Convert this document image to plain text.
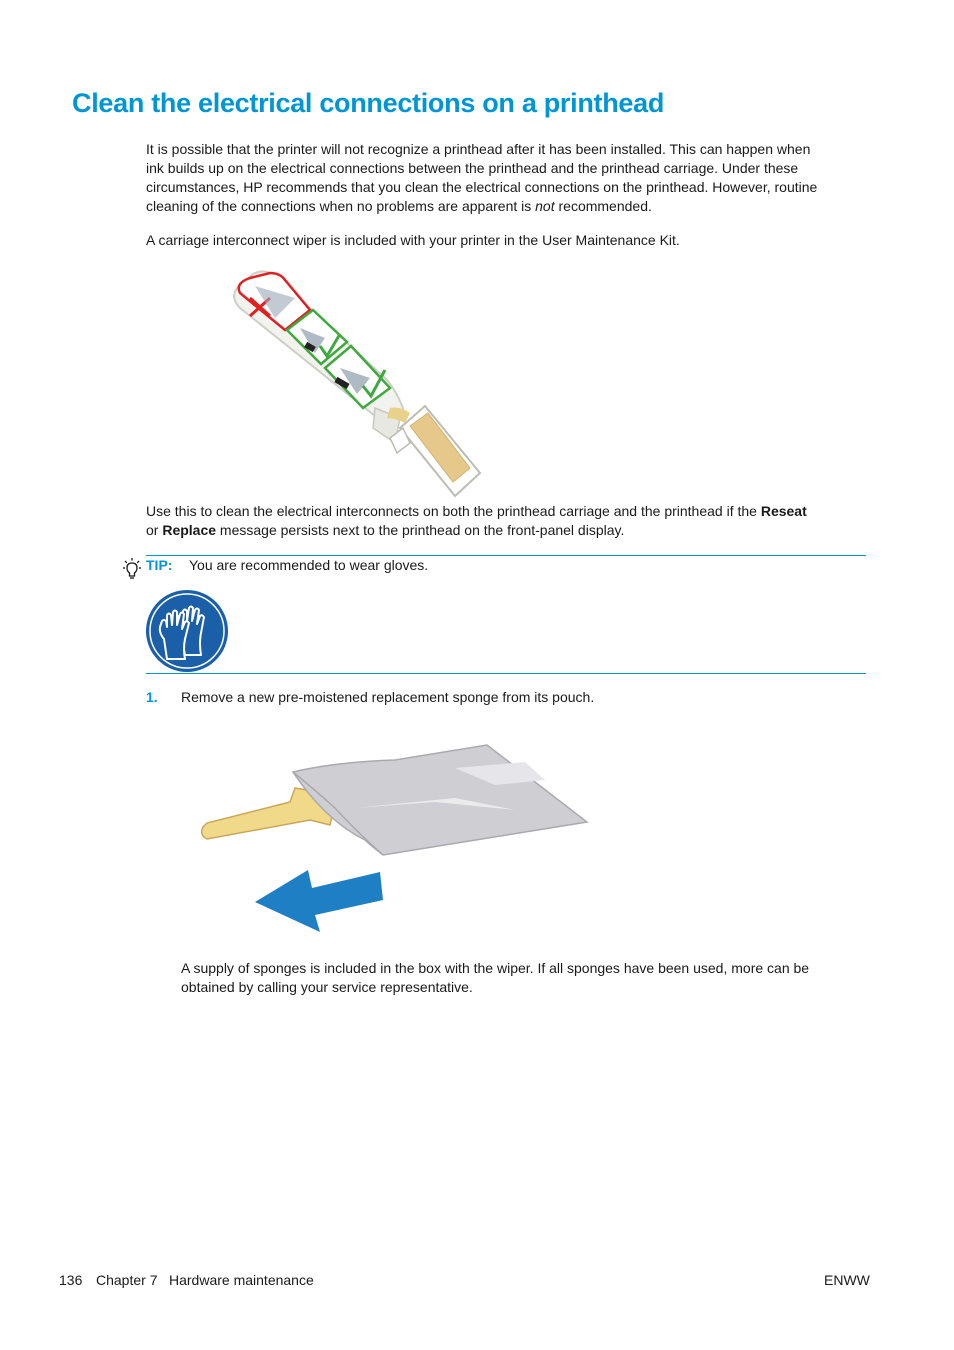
Clean the electrical connections on a printhead

It is possible that the printer will not recognize a printhead after it has been installed. This can happen when

ink builds up on the electrical connections between the printhead and the printhead carriage. Under these

circumstances, HP recommends that you clean the electrical connections on the printhead. However, routine

cleaning of the connections when no problems are apparent is not recommended.

A carriage interconnect wiper is included with your printer in the User Maintenance Kit.

Use this to clean the electrical interconnects on both the printhead carriage and the printhead if the Reseat

or Replace message persists next to the printhead on the front-panel display.

TIP: You are recommended to wear gloves.

1. Remove a new pre-moistened replacement sponge from its pouch.

A supply of sponges is included in the box with the wiper. If all sponges have been used, more can be

obtained by calling your service representative.

136 Chapter 7 Hardware maintenance	ENWW
